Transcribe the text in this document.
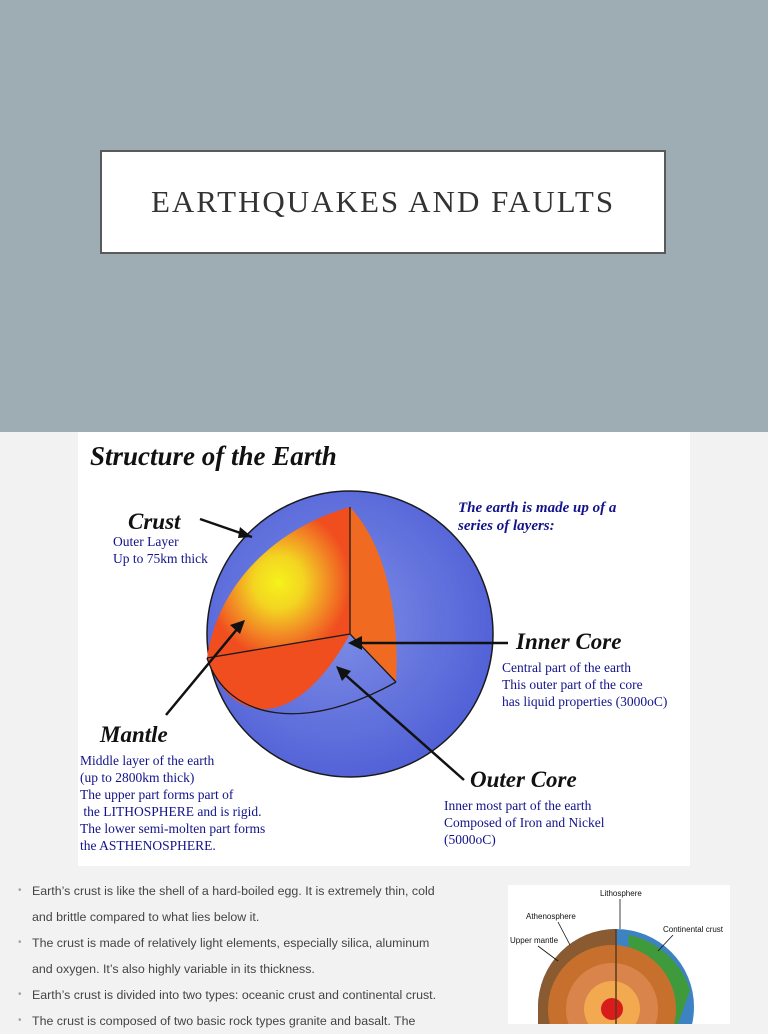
EARTHQUAKES AND FAULTS
Structure of the Earth
The earth is made up of a
series of layers:
Crust
Outer Layer
Up to 75km thick
Inner Core
Central part of the earth
This outer part of the core
has liquid properties (3000oC)
Mantle
Middle layer of the earth
(up to 2800km thick)
The upper part forms part of
the LITHOSPHERE and is rigid.
The lower semi-molten part forms
the ASTHENOSPHERE.
Outer Core
Inner most part of the earth
Composed of Iron and Nickel
(5000oC)
• Earth’s crust is like the shell of a hard-boiled egg. It is extremely thin, cold
and brittle compared to what lies below it.
• The crust is made of relatively light elements, especially silica, aluminum
and oxygen. It’s also highly variable in its thickness.
• Earth’s crust is divided into two types: oceanic crust and continental crust.
• The crust is composed of two basic rock types granite and basalt. The
Lithosphere
Athenosphere
Upper mantle
Continental crust
